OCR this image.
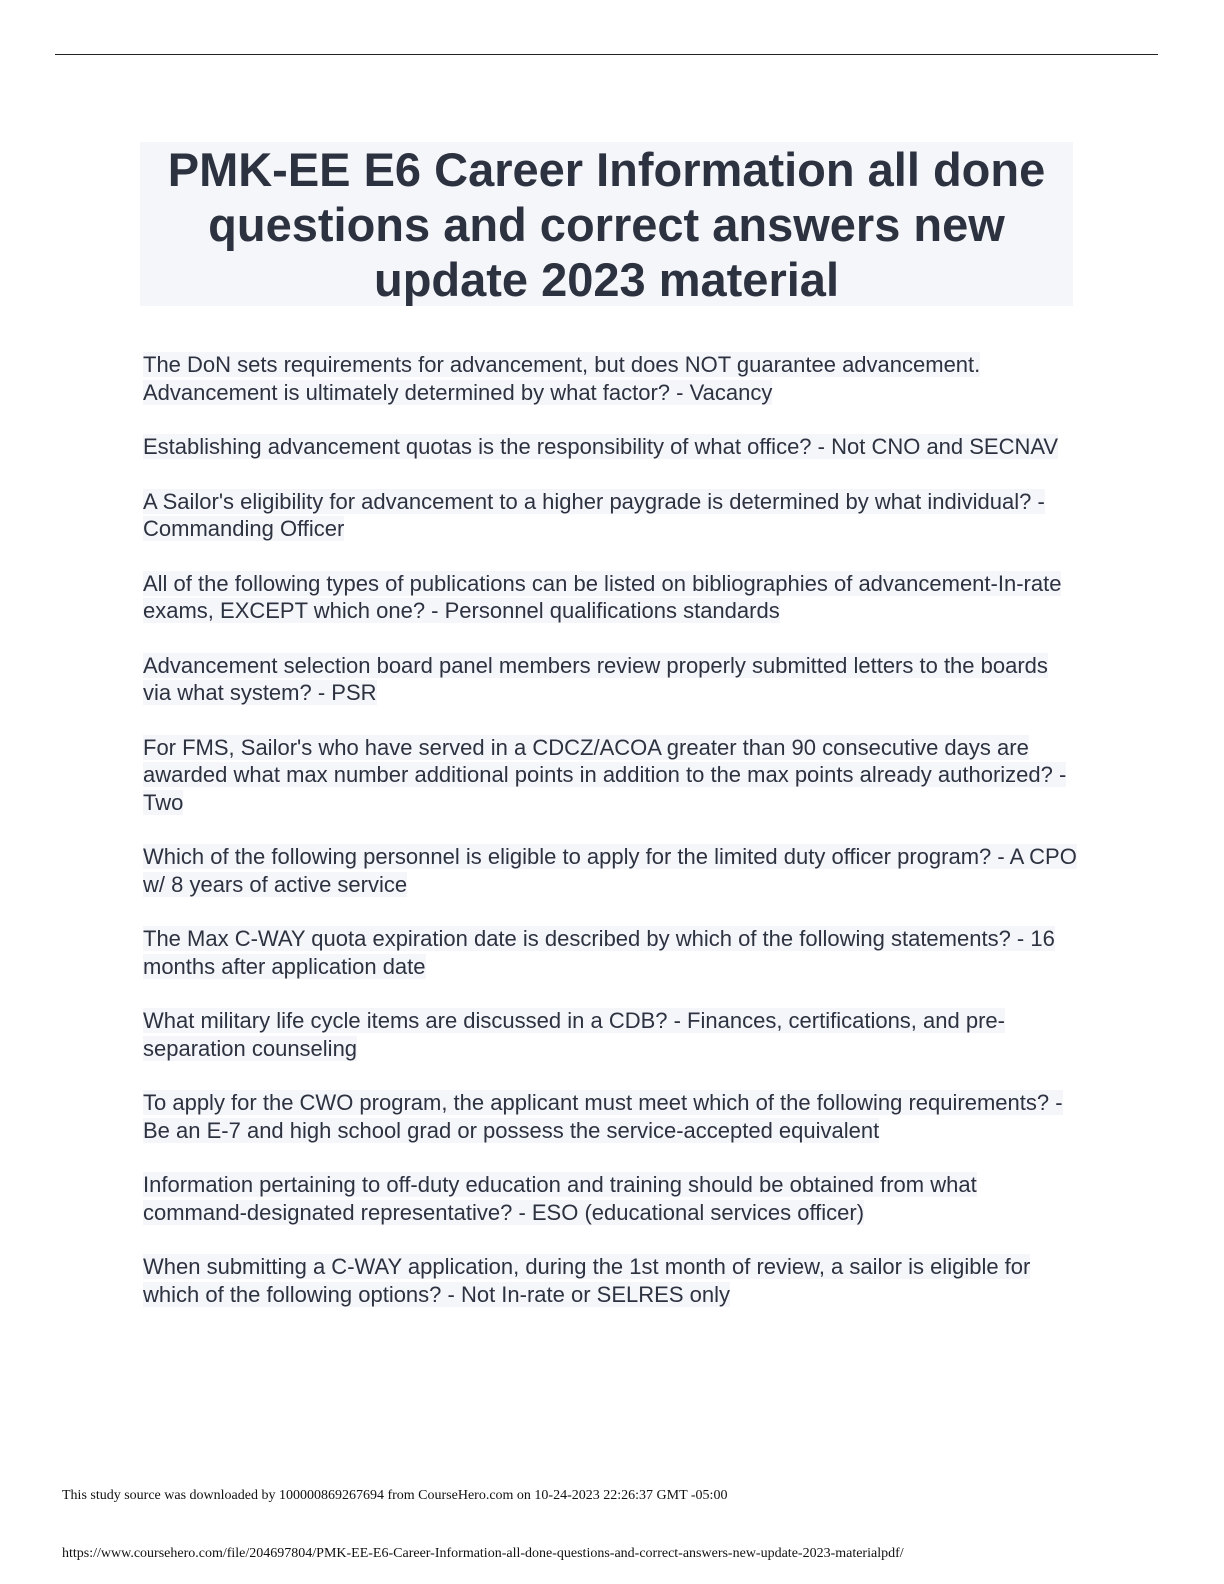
PMK-EE E6 Career Information all done questions and correct answers new update 2023 material

The DoN sets requirements for advancement, but does NOT guarantee advancement. Advancement is ultimately determined by what factor? - Vacancy

Establishing advancement quotas is the responsibility of what office? - Not CNO and SECNAV

A Sailor's eligibility for advancement to a higher paygrade is determined by what individual? - Commanding Officer

All of the following types of publications can be listed on bibliographies of advancement-In-rate exams, EXCEPT which one? - Personnel qualifications standards

Advancement selection board panel members review properly submitted letters to the boards via what system? - PSR

For FMS, Sailor's who have served in a CDCZ/ACOA greater than 90 consecutive days are awarded what max number additional points in addition to the max points already authorized? - Two

Which of the following personnel is eligible to apply for the limited duty officer program? - A CPO w/ 8 years of active service

The Max C-WAY quota expiration date is described by which of the following statements? - 16 months after application date

What military life cycle items are discussed in a CDB? - Finances, certifications, and pre-separation counseling

To apply for the CWO program, the applicant must meet which of the following requirements? - Be an E-7 and high school grad or possess the service-accepted equivalent

Information pertaining to off-duty education and training should be obtained from what command-designated representative? - ESO (educational services officer)

When submitting a C-WAY application, during the 1st month of review, a sailor is eligible for which of the following options? - Not In-rate or SELRES only

This study source was downloaded by 100000869267694 from CourseHero.com on 10-24-2023 22:26:37 GMT -05:00
https://www.coursehero.com/file/204697804/PMK-EE-E6-Career-Information-all-done-questions-and-correct-answers-new-update-2023-materialpdf/
